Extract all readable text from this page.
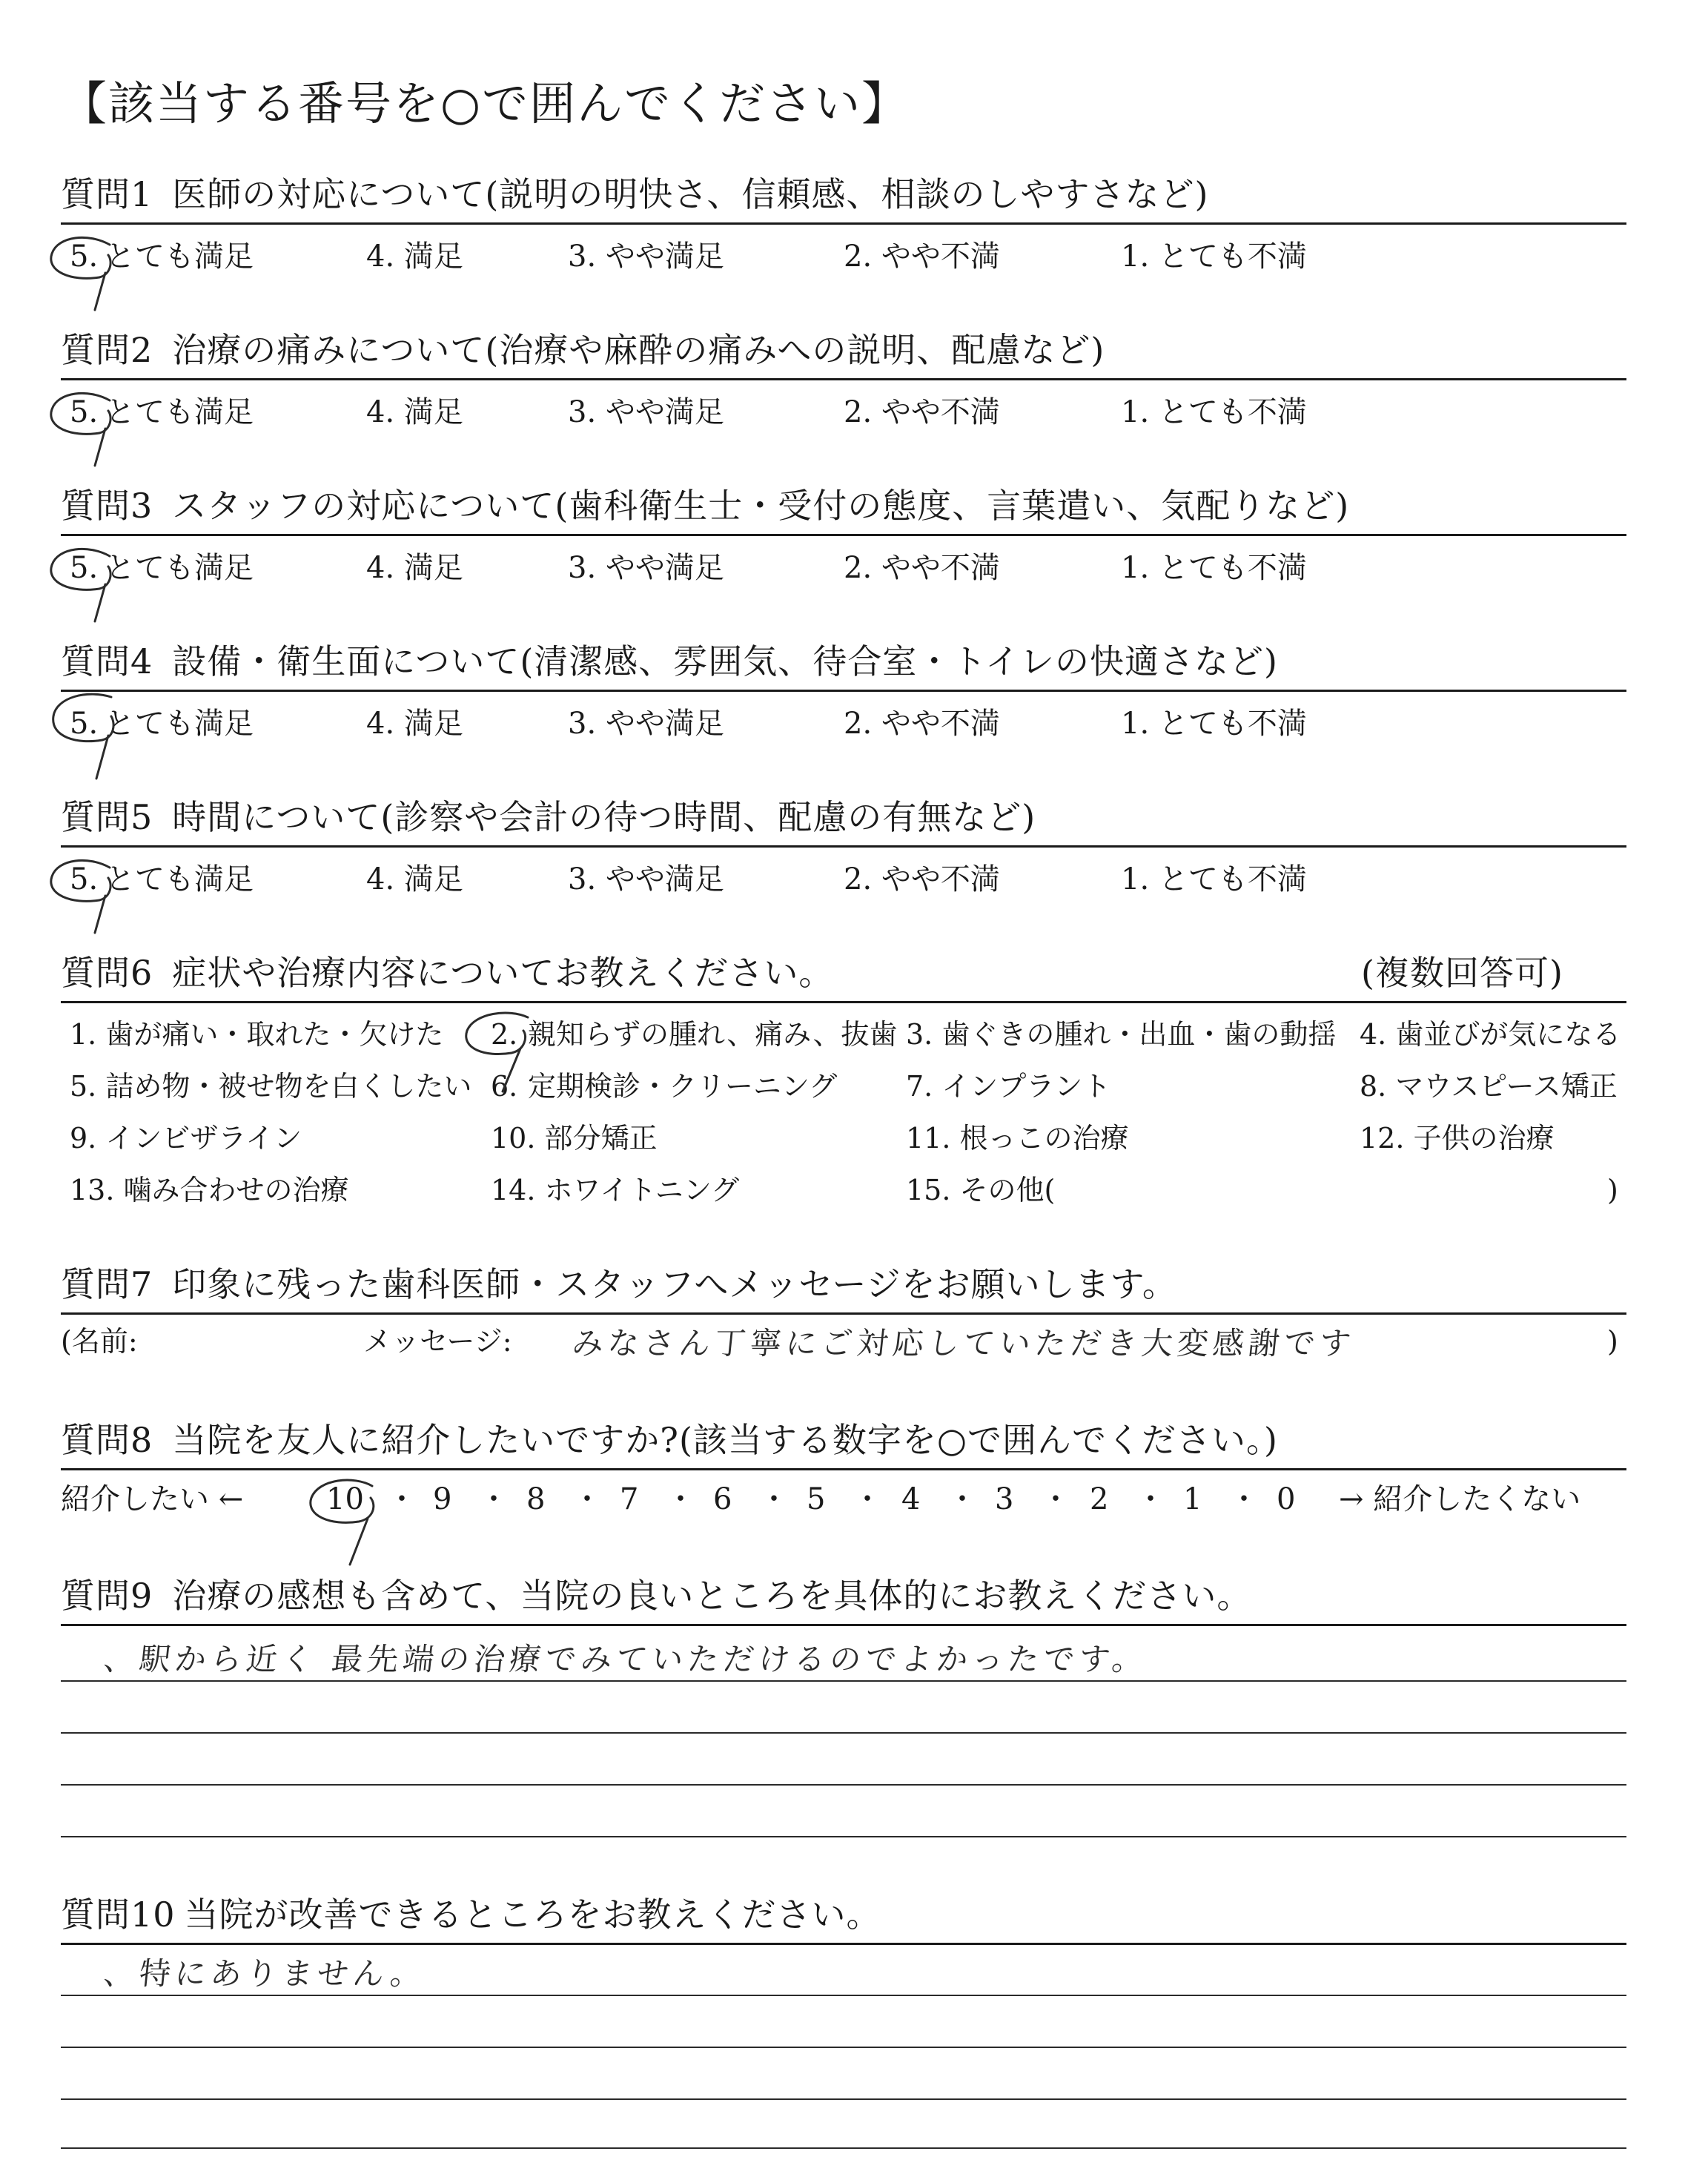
【該当する番号を○で囲んでください】
質問1 医師の対応について(説明の明快さ、信頼感、相談のしやすさなど)
5. とても満足	4. 満足	3. やや満足	2. やや不満	1. とても不満
質問2 治療の痛みについて(治療や麻酔の痛みへの説明、配慮など)
5. とても満足	4. 満足	3. やや満足	2. やや不満	1. とても不満
質問3 スタッフの対応について(歯科衛生士・受付の態度、言葉遣い、気配りなど)
5. とても満足	4. 満足	3. やや満足	2. やや不満	1. とても不満
質問4 設備・衛生面について(清潔感、雰囲気、待合室・トイレの快適さなど)
5. とても満足	4. 満足	3. やや満足	2. やや不満	1. とても不満
質問5 時間について(診察や会計の待つ時間、配慮の有無など)
5. とても満足	4. 満足	3. やや満足	2. やや不満	1. とても不満
質問6 症状や治療内容についてお教えください。	(複数回答可)
1. 歯が痛い・取れた・欠けた 2. 親知らずの腫れ、痛み、抜歯 3. 歯ぐきの腫れ・出血・歯の動揺 4. 歯並びが気になる
5. 詰め物・被せ物を白くしたい 6. 定期検診・クリーニング 7. インプラント	8. マウスピース矯正
9. インビザライン	10. 部分矯正	11. 根っこの治療	12. 子供の治療
13. 噛み合わせの治療	14. ホワイトニング	15. その他(	)
質問7 印象に残った歯科医師・スタッフへメッセージをお願いします。
(名前:	メッセージ: みなさん丁寧にご対応していただき大変感謝です	)
質問8 当院を友人に紹介したいですか?(該当する数字を○で囲んでください。)
紹介したい ←	10 ・ 9 ・ 8 ・ 7 ・ 6 ・ 5 ・ 4 ・ 3 ・ 2 ・ 1 ・ 0 → 紹介したくない
質問9 治療の感想も含めて、当院の良いところを具体的にお教えください。
、駅から近く 最先端の治療でみていただけるのでよかったです。
質問10 当院が改善できるところをお教えください。
、特にありません。
